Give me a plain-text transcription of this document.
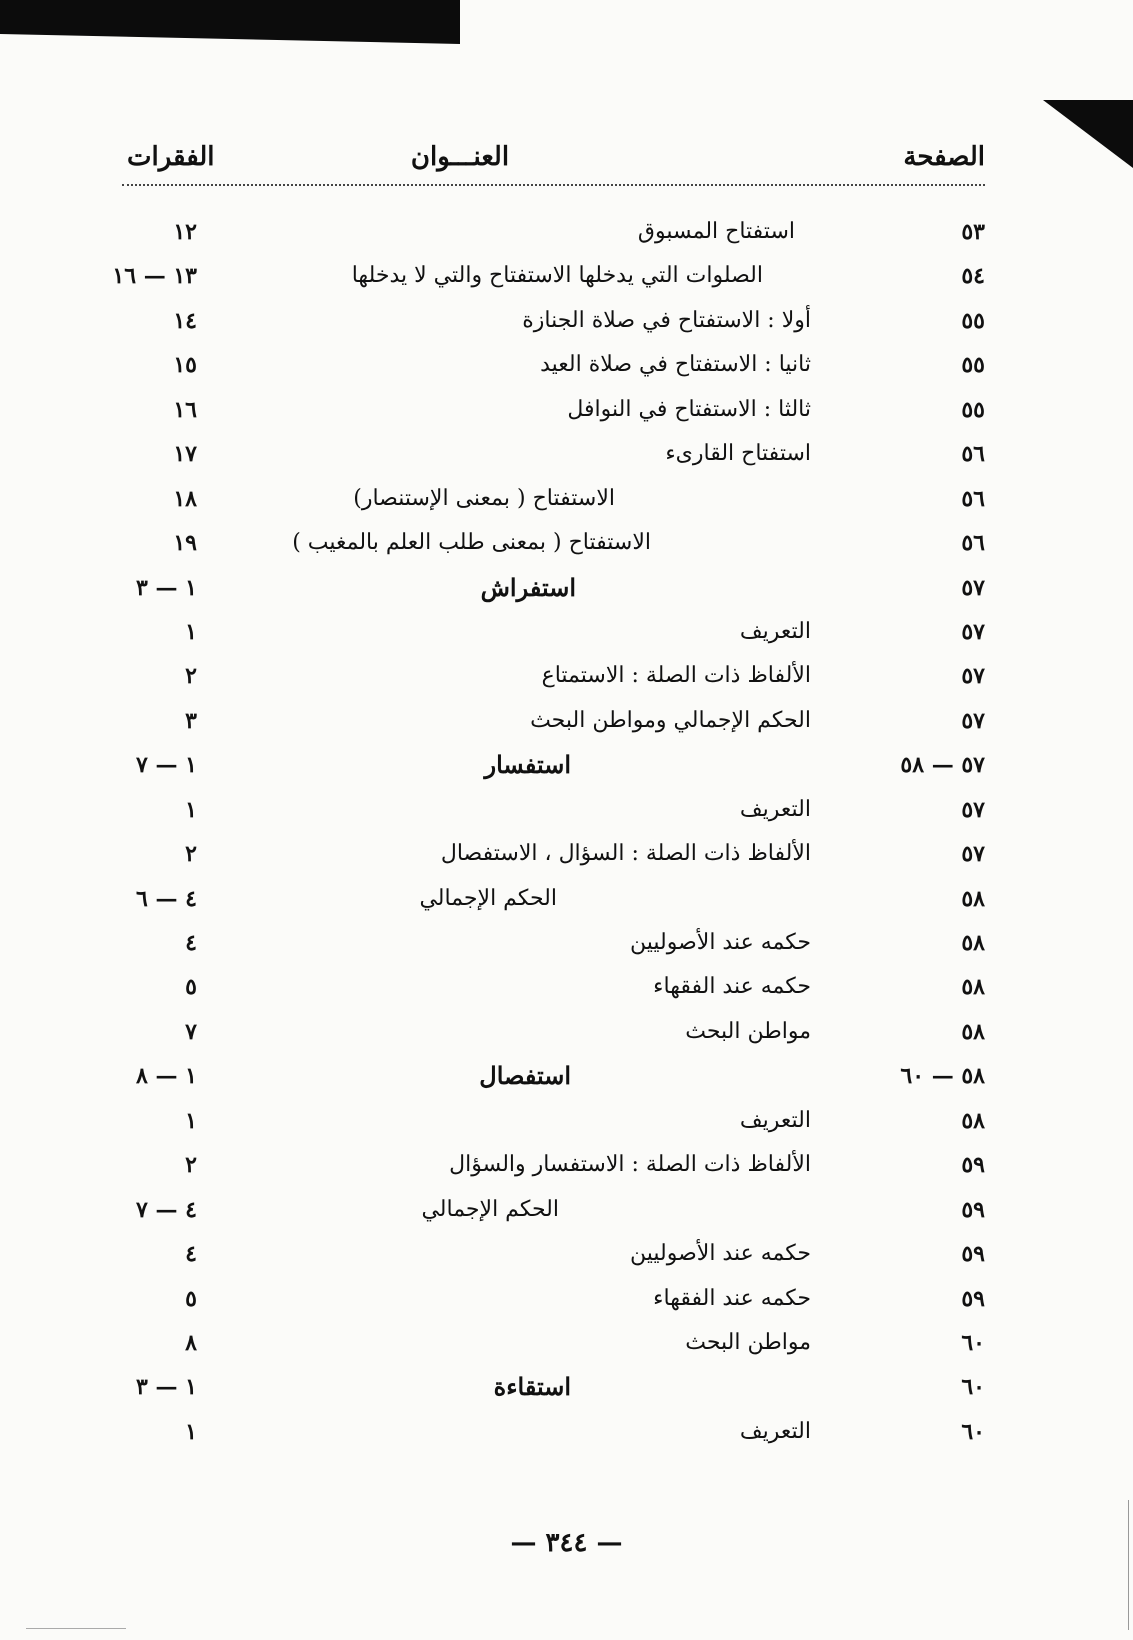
الصفحة
العنـــوان
الفقرات
٥٣
استفتاح المسبوق
١٢
٥٤
الصلوات التي يدخلها الاستفتاح والتي لا يدخلها
١٣ — ١٦
٥٥
أولا : الاستفتاح في صلاة الجنازة
١٤
٥٥
ثانيا : الاستفتاح في صلاة العيد
١٥
٥٥
ثالثا : الاستفتاح في النوافل
١٦
٥٦
استفتاح القارىء
١٧
٥٦
الاستفتاح ( بمعنى الإستنصار)
١٨
٥٦
الاستفتاح ( بمعنى طلب العلم بالمغيب )
١٩
٥٧
استفراش
١ — ٣
٥٧
التعريف
١
٥٧
الألفاظ ذات الصلة : الاستمتاع
٢
٥٧
الحكم الإجمالي ومواطن البحث
٣
٥٧ — ٥٨
استفسار
١ — ٧
٥٧
التعريف
١
٥٧
الألفاظ ذات الصلة : السؤال ، الاستفصال
٢
٥٨
الحكم الإجمالي
٤ — ٦
٥٨
حكمه عند الأصوليين
٤
٥٨
حكمه عند الفقهاء
٥
٥٨
مواطن البحث
٧
٥٨ — ٦٠
استفصال
١ — ٨
٥٨
التعريف
١
٥٩
الألفاظ ذات الصلة : الاستفسار والسؤال
٢
٥٩
الحكم الإجمالي
٤ — ٧
٥٩
حكمه عند الأصوليين
٤
٥٩
حكمه عند الفقهاء
٥
٦٠
مواطن البحث
٨
٦٠
استقاءة
١ — ٣
٦٠
التعريف
١
— ٣٤٤ —
